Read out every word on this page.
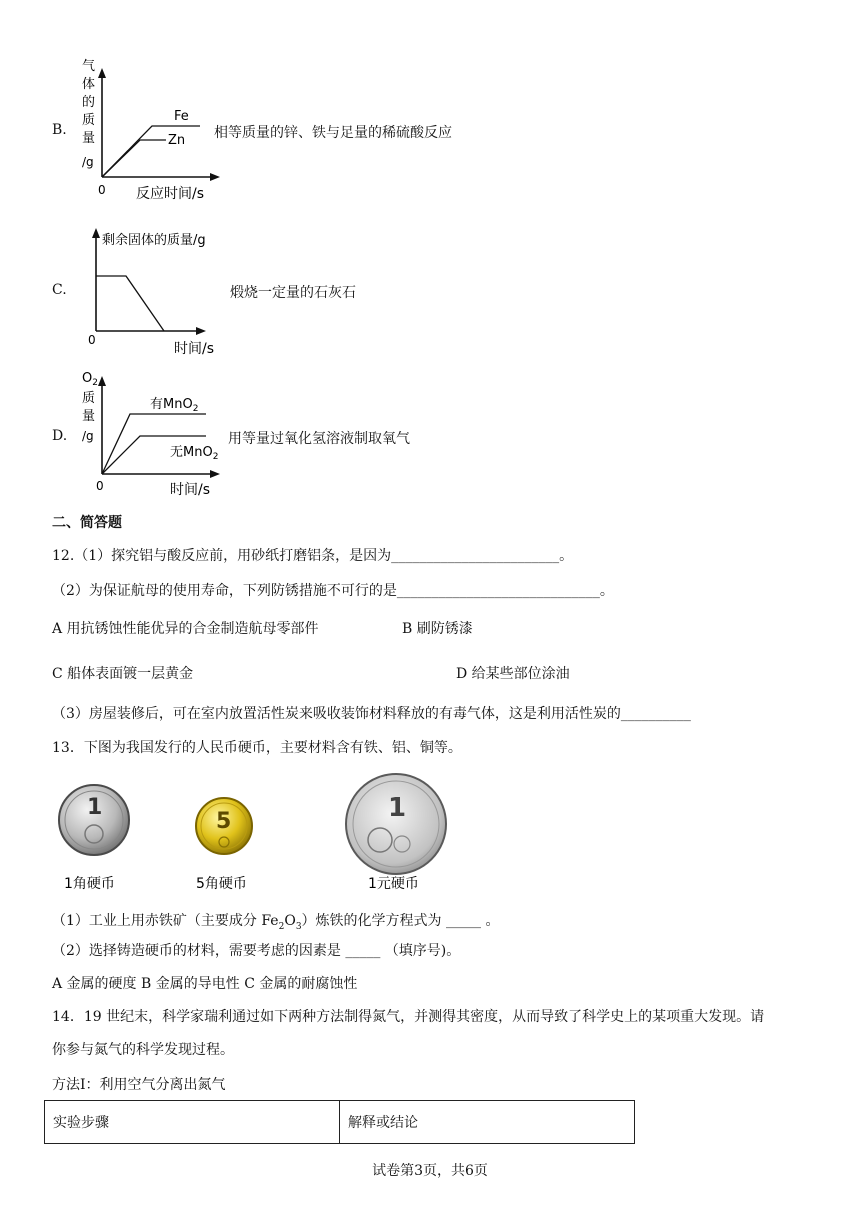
B.
气
体
的
质
量
/g
Fe
Zn
0 反应时间/s
相等质量的锌、铁与足量的稀硫酸反应
C.
剩余固体的质量/g
0
时间/s
煅烧一定量的石灰石
D.
$O_2$
质
量
/g
有MnO$_2$
无MnO$_2$
0	时间/s
用等量过氧化氢溶液制取氧气
二、简答题
12.（1）探究铝与酸反应前，用砂纸打磨铝条，是因为________________________。
（2）为保证航母的使用寿命，下列防锈措施不可行的是_____________________________。
A 用抗锈蚀性能优异的合金制造航母零部件	B 刷防锈漆
C 船体表面镀一层黄金	D 给某些部位涂油
（3）房屋装修后，可在室内放置活性炭来吸收装饰材料释放的有毒气体，这是利用活性炭的__________
13．下图为我国发行的人民币硬币，主要材料含有铁、铝、铜等。
1
5	1
1角硬币	5角硬币	1元硬币
（1）工业上用赤铁矿（主要成分 $Fe_2O_3$）炼铁的化学方程式为 _____ 。
（2）选择铸造硬币的材料，需要考虑的因素是 _____ （填序号)。
A 金属的硬度 B 金属的导电性 C 金属的耐腐蚀性
14．19 世纪末，科学家瑞利通过如下两种方法制得氮气，并测得其密度，从而导致了科学史上的某项重大发现。请
你参与氮气的科学发现过程。
方法I：利用空气分离出氮气
实验步骤	解释或结论
试卷第3页，共6页
